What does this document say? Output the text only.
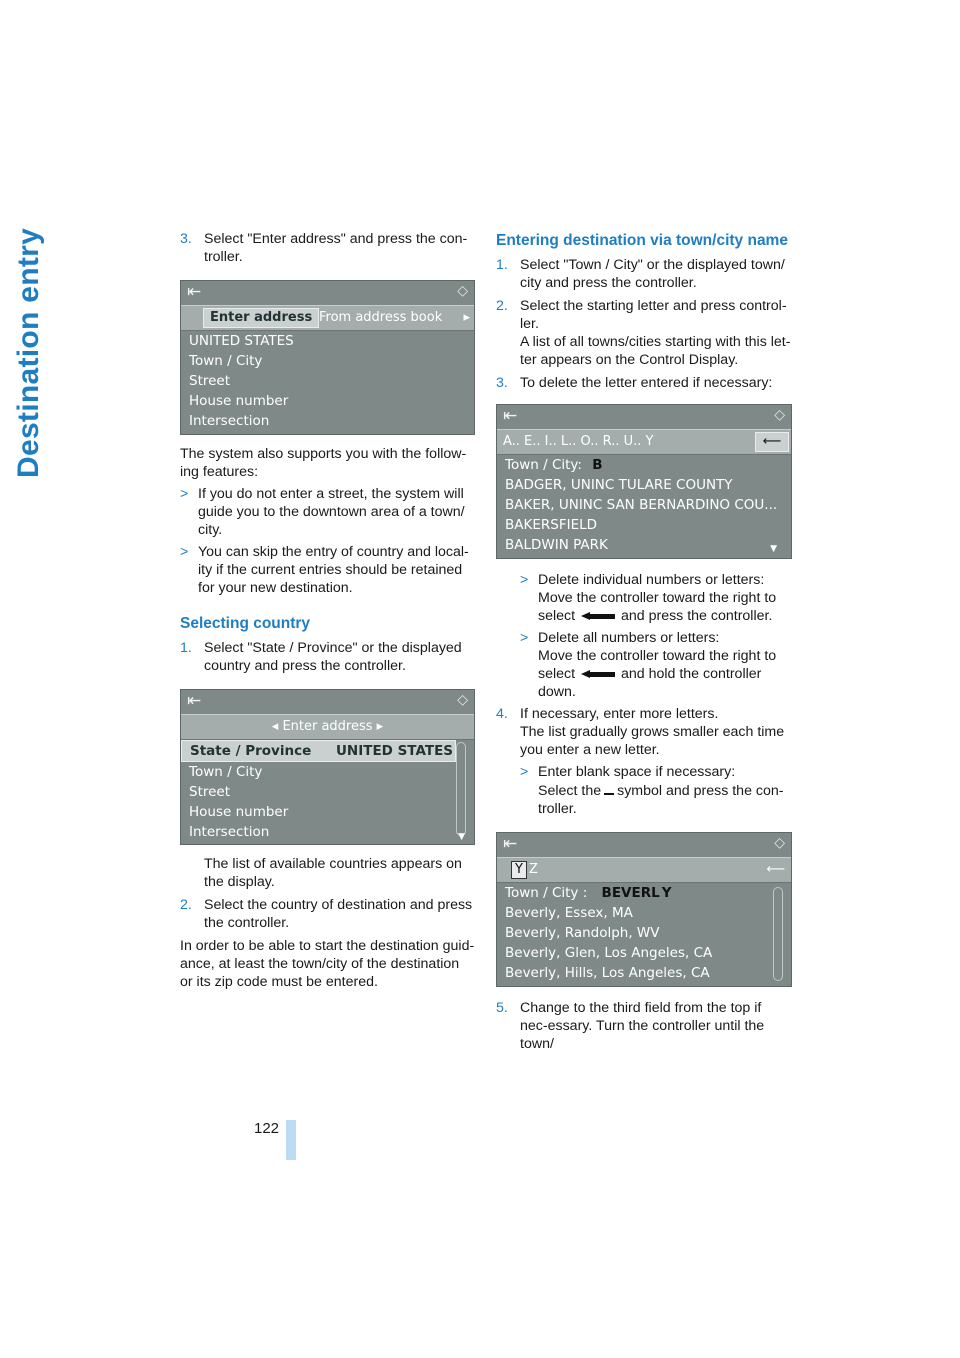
Destination entry	3. Select "Enter address" and press the con-troller.
⇤	◇
Enter address From address book ▸
UNITED STATES
Town / City
Street
House number
Intersection

The system also supports you with the follow-ing features:

> If you do not enter a street, the system will guide you to the downtown area of a town/ city.
> You can skip the entry of country and local-ity if the current entries should be retained for your new destination.
Selecting country
1. Select "State / Province" or the displayed country and press the controller.
⇤	◇
◂ Enter address ▸
State / Province UNITED STATES
Town / City
Street
House number
Intersection	▼

The list of available countries appears on the display.

2. Select the country of destination and press the controller.

In order to be able to start the destination guid-ance, at least the town/city of the destination or its zip code must be entered.

Entering destination via town/city name
1. Select "Town / City" or the displayed town/ city and press the controller.
2. Select the starting letter and press control-ler.

A list of all towns/cities starting with this let-ter appears on the Control Display.

3. To delete the letter entered if necessary:
⇤	◇
A.. E.. I.. L.. O.. R.. U.. Y	⟵
Town / City: B
BADGER, UNINC TULARE COUNTY
BAKER, UNINC SAN BERNARDINO COU...
BAKERSFIELD
BALDWIN PARK	▼
> Delete individual numbers or letters:
Move the controller toward the right to
select	and press the controller.
> Delete all numbers or letters:
Move the controller toward the right to
select	and hold the controller
down.
4. If necessary, enter more letters.

The list gradually grows smaller each time you enter a new letter.

> Enter blank space if necessary:
Select the symbol and press the con-troller.
⇤	◇
Y Z	⟵
Town / City : BEVERL Y
Beverly, Essex, MA
Beverly, Randolph, WV
Beverly, Glen, Los Angeles, CA
Beverly, Hills, Los Angeles, CA
5. Change to the third field from the top if nec-essary. Turn the controller until the town/
122
